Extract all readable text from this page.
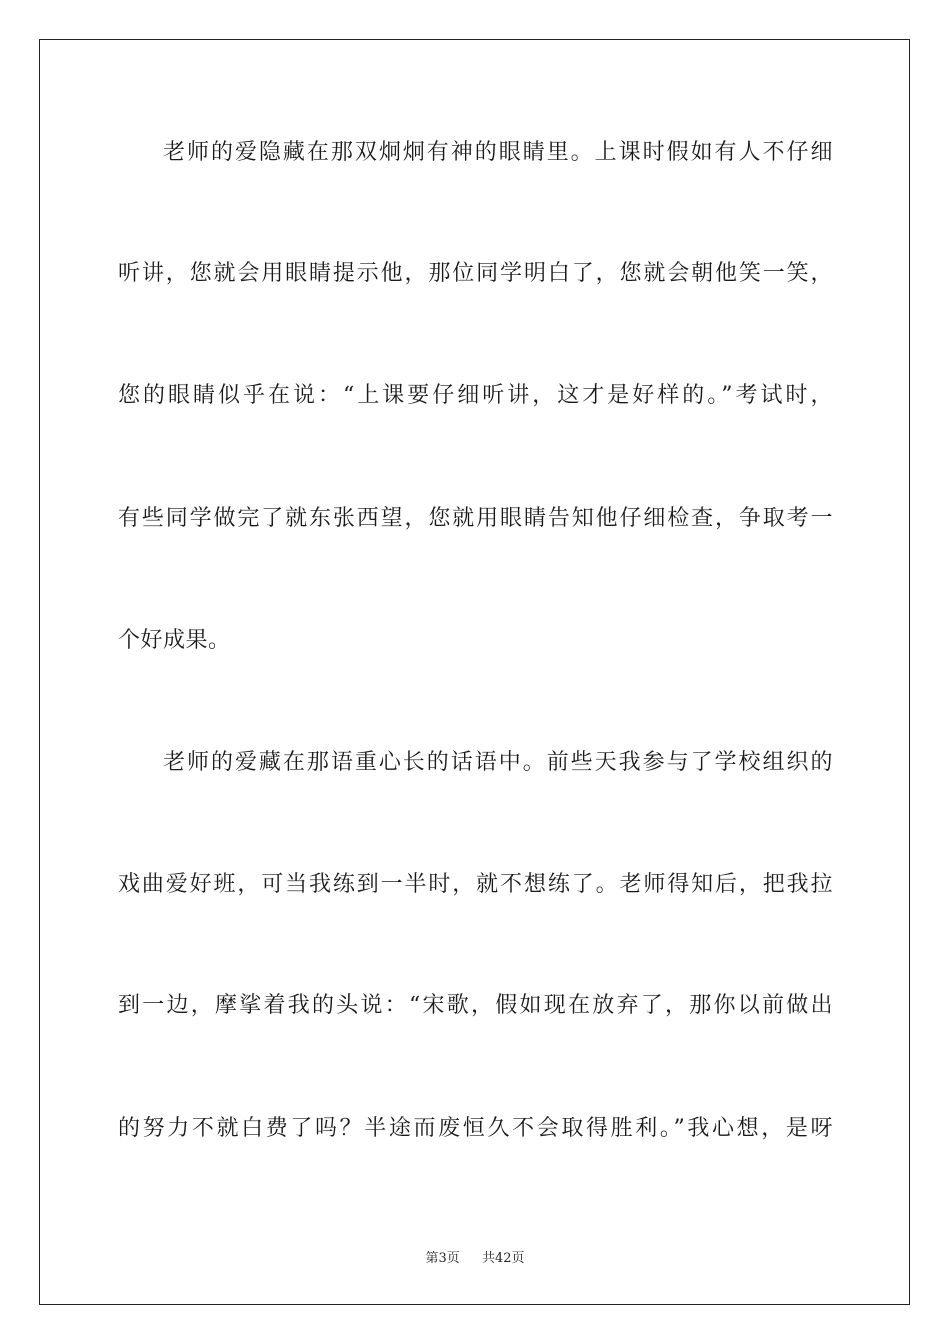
老师的爱隐藏在那双炯炯有神的眼睛里。上课时假如有人不仔细
听讲，您就会用眼睛提示他，那位同学明白了，您就会朝他笑一笑，
您的眼睛似乎在说：“上课要仔细听讲，这才是好样的。”考试时，
有些同学做完了就东张西望，您就用眼睛告知他仔细检查，争取考一
个好成果。
老师的爱藏在那语重心长的话语中。前些天我参与了学校组织的
戏曲爱好班，可当我练到一半时，就不想练了。老师得知后，把我拉
到一边，摩挲着我的头说：“宋歌，假如现在放弃了，那你以前做出
的努力不就白费了吗？半途而废恒久不会取得胜利。”我心想，是呀
第3页 共42页
